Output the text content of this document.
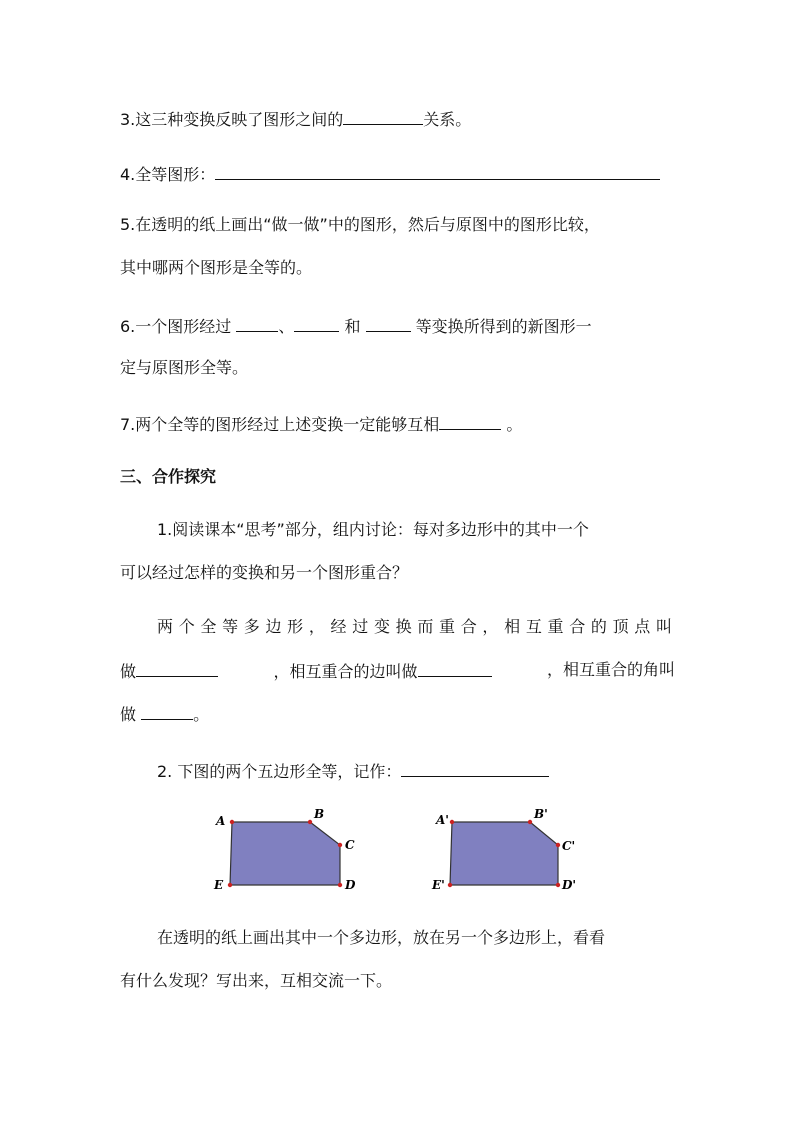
3.这三种变换反映了图形之间的	关系。
4.全等图形：
5.在透明的纸上画出“做一做”中的图形，然后与原图中的图形比较，
其中哪两个图形是全等的。
6.一个图形经过	、	和	等变换所得到的新图形一
定与原图形全等。
7.两个全等的图形经过上述变换一定能够互相	。
三、合作探究
1.阅读课本“思考”部分，组内讨论：每对多边形中的其中一个
可以经过怎样的变换和另一个图形重合？
两个全等多边形，经过变换而重合，相互重合的顶点叫
做	，相互重合的边叫做	，相互重合的角叫
做	。
2. 下图的两个五边形全等，记作：
A	B
C
D
E
A'	B'
C'
D'
E'
在透明的纸上画出其中一个多边形，放在另一个多边形上，看看
有什么发现？写出来，互相交流一下。
